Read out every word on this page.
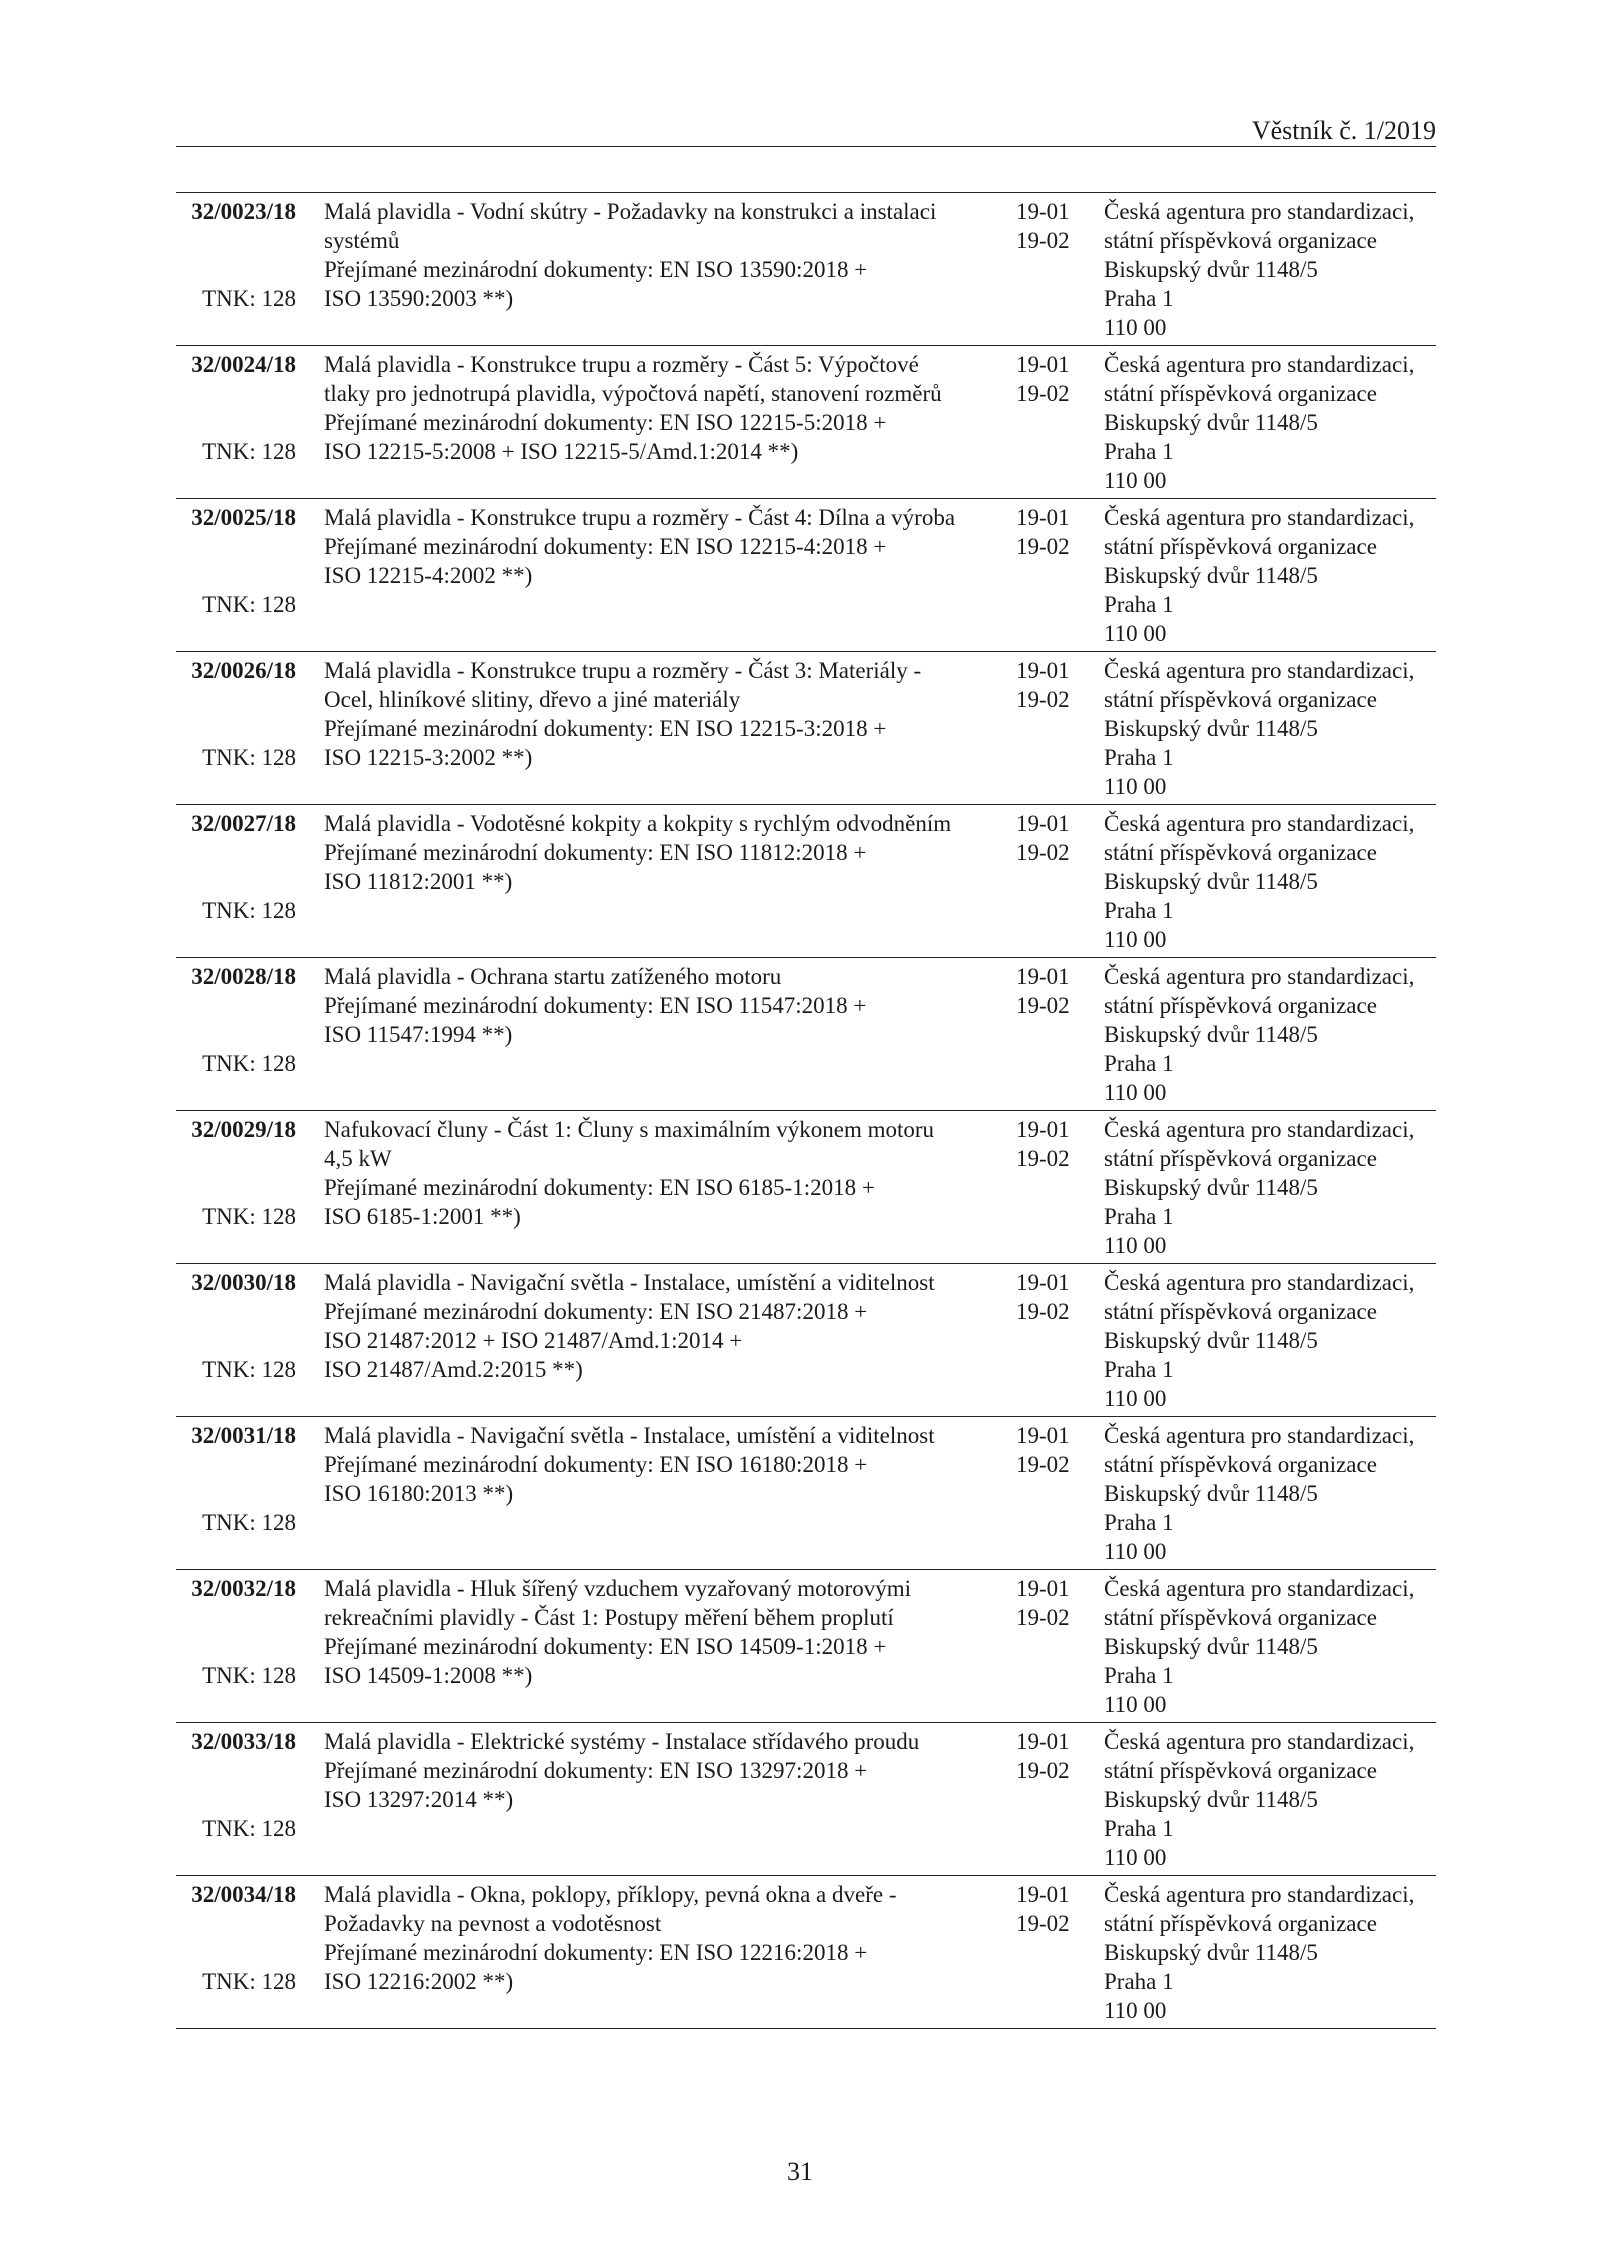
Věstník č. 1/2019
32/0023/18
TNK: 128
Malá plavidla - Vodní skútry - Požadavky na konstrukci a instalaci
systémů
Přejímané mezinárodní dokumenty: EN ISO 13590:2018 +
ISO 13590:2003 **)
19-01
19-02
Česká agentura pro standardizaci,
státní příspěvková organizace
Biskupský dvůr 1148/5
Praha 1
110 00
32/0024/18
TNK: 128
Malá plavidla - Konstrukce trupu a rozměry - Část 5: Výpočtové
tlaky pro jednotrupá plavidla, výpočtová napětí, stanovení rozměrů
Přejímané mezinárodní dokumenty: EN ISO 12215-5:2018 +
ISO 12215-5:2008 + ISO 12215-5/Amd.1:2014 **)
19-01
19-02
Česká agentura pro standardizaci,
státní příspěvková organizace
Biskupský dvůr 1148/5
Praha 1
110 00
32/0025/18
TNK: 128
Malá plavidla - Konstrukce trupu a rozměry - Část 4: Dílna a výroba
Přejímané mezinárodní dokumenty: EN ISO 12215-4:2018 +
ISO 12215-4:2002 **)
19-01
19-02
Česká agentura pro standardizaci,
státní příspěvková organizace
Biskupský dvůr 1148/5
Praha 1
110 00
32/0026/18
TNK: 128
Malá plavidla - Konstrukce trupu a rozměry - Část 3: Materiály -
Ocel, hliníkové slitiny, dřevo a jiné materiály
Přejímané mezinárodní dokumenty: EN ISO 12215-3:2018 +
ISO 12215-3:2002 **)
19-01
19-02
Česká agentura pro standardizaci,
státní příspěvková organizace
Biskupský dvůr 1148/5
Praha 1
110 00
32/0027/18
TNK: 128
Malá plavidla - Vodotěsné kokpity a kokpity s rychlým odvodněním
Přejímané mezinárodní dokumenty: EN ISO 11812:2018 +
ISO 11812:2001 **)
19-01
19-02
Česká agentura pro standardizaci,
státní příspěvková organizace
Biskupský dvůr 1148/5
Praha 1
110 00
32/0028/18
TNK: 128
Malá plavidla - Ochrana startu zatíženého motoru
Přejímané mezinárodní dokumenty: EN ISO 11547:2018 +
ISO 11547:1994 **)
19-01
19-02
Česká agentura pro standardizaci,
státní příspěvková organizace
Biskupský dvůr 1148/5
Praha 1
110 00
32/0029/18
TNK: 128
Nafukovací čluny - Část 1: Čluny s maximálním výkonem motoru
4,5 kW
Přejímané mezinárodní dokumenty: EN ISO 6185-1:2018 +
ISO 6185-1:2001 **)
19-01
19-02
Česká agentura pro standardizaci,
státní příspěvková organizace
Biskupský dvůr 1148/5
Praha 1
110 00
32/0030/18
TNK: 128
Malá plavidla - Navigační světla - Instalace, umístění a viditelnost
Přejímané mezinárodní dokumenty: EN ISO 21487:2018 +
ISO 21487:2012 + ISO 21487/Amd.1:2014 +
ISO 21487/Amd.2:2015 **)
19-01
19-02
Česká agentura pro standardizaci,
státní příspěvková organizace
Biskupský dvůr 1148/5
Praha 1
110 00
32/0031/18
TNK: 128
Malá plavidla - Navigační světla - Instalace, umístění a viditelnost
Přejímané mezinárodní dokumenty: EN ISO 16180:2018 +
ISO 16180:2013 **)
19-01
19-02
Česká agentura pro standardizaci,
státní příspěvková organizace
Biskupský dvůr 1148/5
Praha 1
110 00
32/0032/18
TNK: 128
Malá plavidla - Hluk šířený vzduchem vyzařovaný motorovými
rekreačními plavidly - Část 1: Postupy měření během proplutí
Přejímané mezinárodní dokumenty: EN ISO 14509-1:2018 +
ISO 14509-1:2008 **)
19-01
19-02
Česká agentura pro standardizaci,
státní příspěvková organizace
Biskupský dvůr 1148/5
Praha 1
110 00
32/0033/18
TNK: 128
Malá plavidla - Elektrické systémy - Instalace střídavého proudu
Přejímané mezinárodní dokumenty: EN ISO 13297:2018 +
ISO 13297:2014 **)
19-01
19-02
Česká agentura pro standardizaci,
státní příspěvková organizace
Biskupský dvůr 1148/5
Praha 1
110 00
32/0034/18
TNK: 128
Malá plavidla - Okna, poklopy, příklopy, pevná okna a dveře -
Požadavky na pevnost a vodotěsnost
Přejímané mezinárodní dokumenty: EN ISO 12216:2018 +
ISO 12216:2002 **)
19-01
19-02
Česká agentura pro standardizaci,
státní příspěvková organizace
Biskupský dvůr 1148/5
Praha 1
110 00
31
